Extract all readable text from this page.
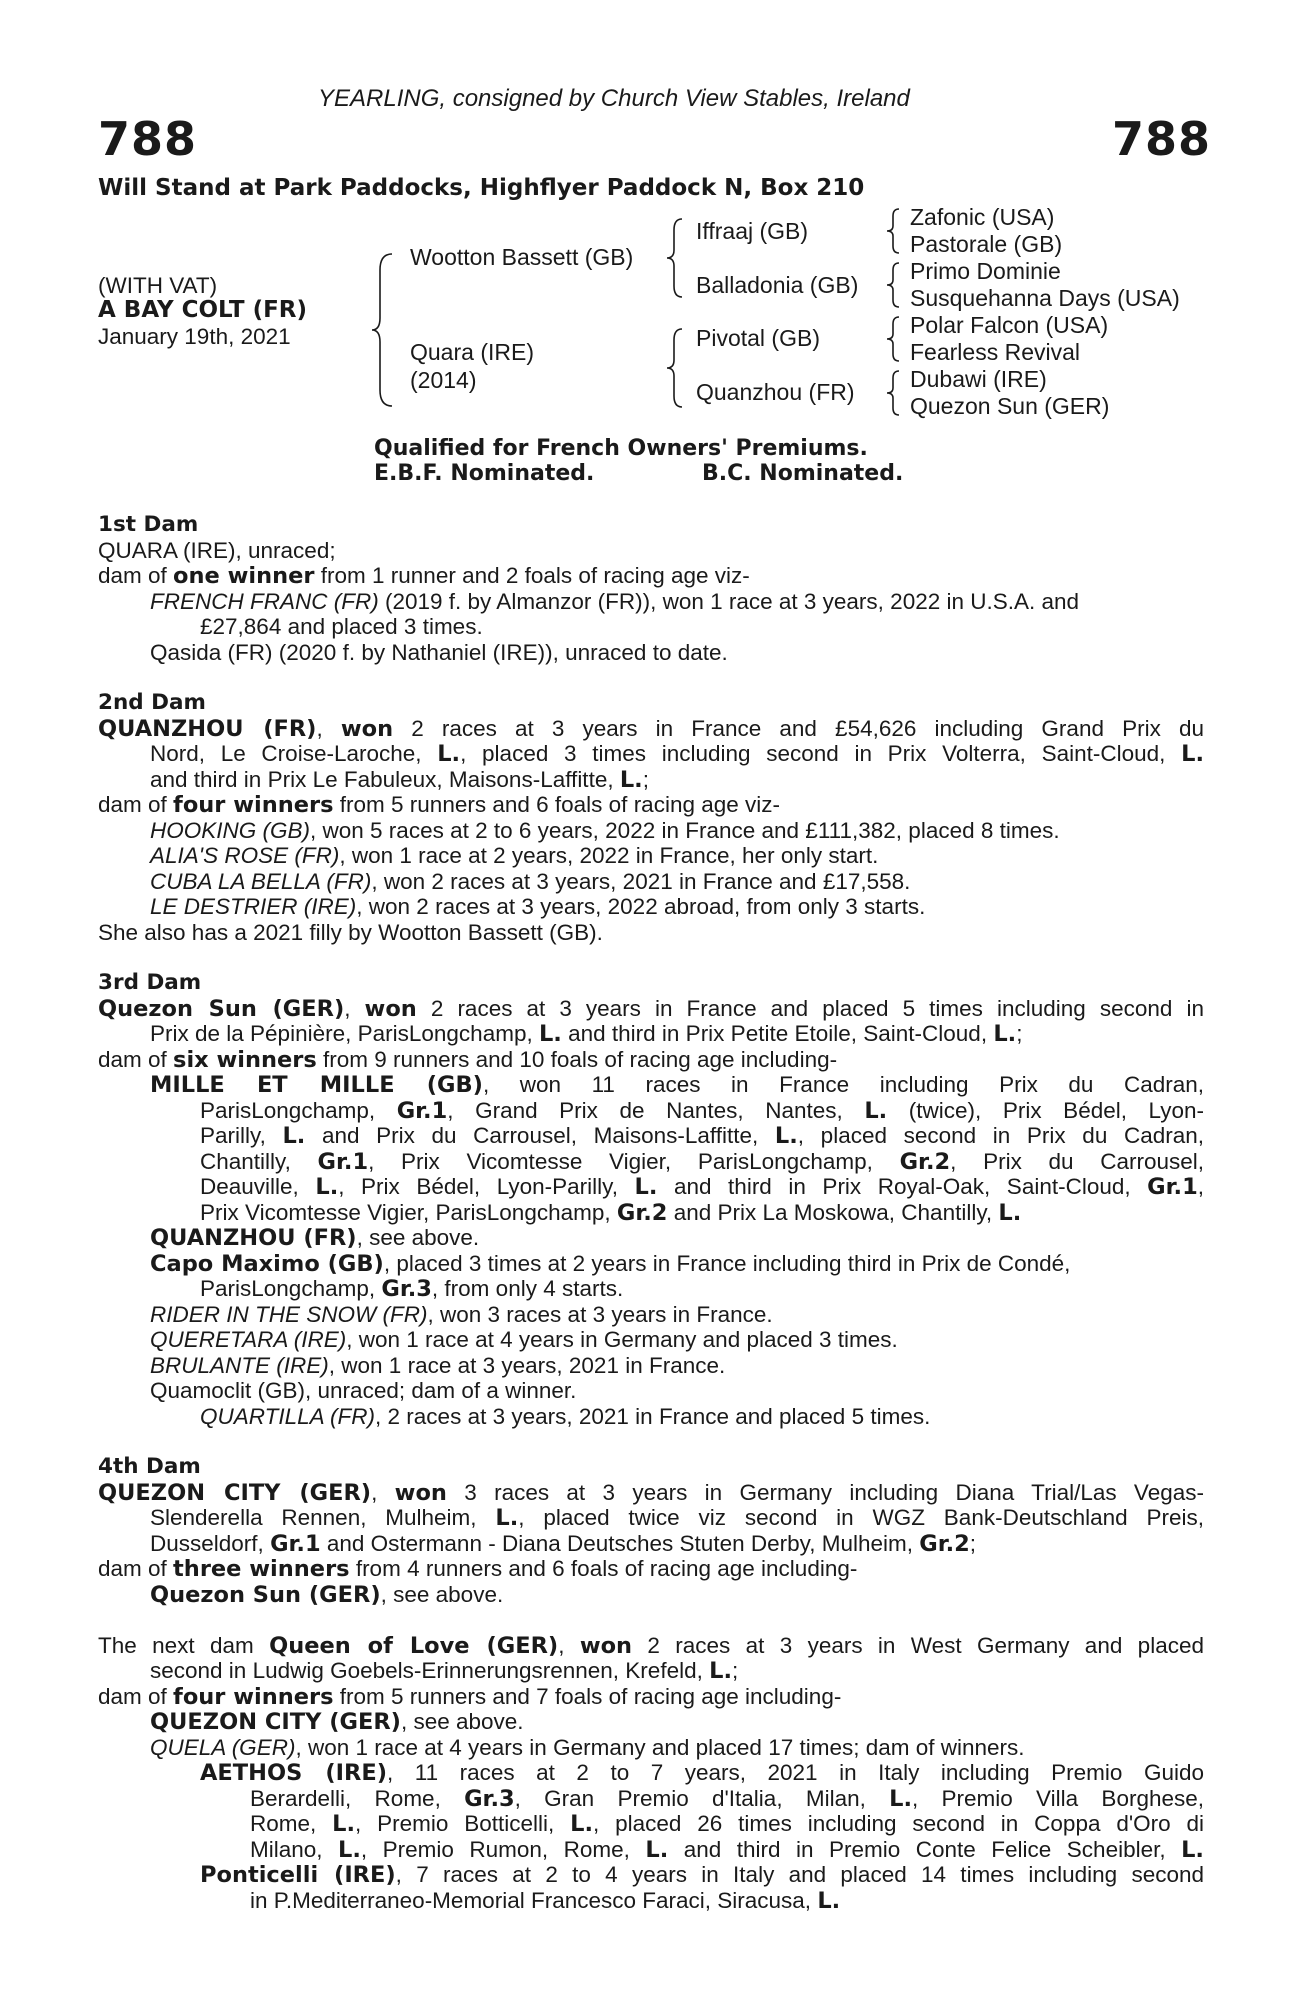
YEARLING, consigned by Church View Stables, Ireland
788	788
Will Stand at Park Paddocks, Highflyer Paddock N, Box 210
(WITH VAT)
A BAY COLT (FR)
January 19th, 2021
Wootton Bassett (GB)
Quara (IRE)
(2014)
Iffraaj (GB)
Balladonia (GB)
Pivotal (GB)
Quanzhou (FR)
Zafonic (USA)
Pastorale (GB)
Primo Dominie
Susquehanna Days (USA)
Polar Falcon (USA)
Fearless Revival
Dubawi (IRE)
Quezon Sun (GER)
Qualified for French Owners' Premiums.
E.B.F. Nominated.	B.C. Nominated.
1st Dam
QUARA (IRE), unraced;
dam of one winner from 1 runner and 2 foals of racing age viz-
FRENCH FRANC (FR) (2019 f. by Almanzor (FR)), won 1 race at 3 years, 2022 in U.S.A. and
£27,864 and placed 3 times.
Qasida (FR) (2020 f. by Nathaniel (IRE)), unraced to date.
2nd Dam
QUANZHOU (FR), won 2 races at 3 years in France and £54,626 including Grand Prix du
Nord, Le Croise-Laroche, L., placed 3 times including second in Prix Volterra, Saint-Cloud, L.
and third in Prix Le Fabuleux, Maisons-Laffitte, L.;
dam of four winners from 5 runners and 6 foals of racing age viz-
HOOKING (GB), won 5 races at 2 to 6 years, 2022 in France and £111,382, placed 8 times.
ALIA'S ROSE (FR), won 1 race at 2 years, 2022 in France, her only start.
CUBA LA BELLA (FR), won 2 races at 3 years, 2021 in France and £17,558.
LE DESTRIER (IRE), won 2 races at 3 years, 2022 abroad, from only 3 starts.
She also has a 2021 filly by Wootton Bassett (GB).
3rd Dam
Quezon Sun (GER), won 2 races at 3 years in France and placed 5 times including second in
Prix de la Pépinière, ParisLongchamp, L. and third in Prix Petite Etoile, Saint-Cloud, L.;
dam of six winners from 9 runners and 10 foals of racing age including-
MILLE ET MILLE (GB), won 11 races in France including Prix du Cadran,
ParisLongchamp, Gr.1, Grand Prix de Nantes, Nantes, L. (twice), Prix Bédel, Lyon-
Parilly, L. and Prix du Carrousel, Maisons-Laffitte, L., placed second in Prix du Cadran,
Chantilly, Gr.1, Prix Vicomtesse Vigier, ParisLongchamp, Gr.2, Prix du Carrousel,
Deauville, L., Prix Bédel, Lyon-Parilly, L. and third in Prix Royal-Oak, Saint-Cloud, Gr.1,
Prix Vicomtesse Vigier, ParisLongchamp, Gr.2 and Prix La Moskowa, Chantilly, L.
QUANZHOU (FR), see above.
Capo Maximo (GB), placed 3 times at 2 years in France including third in Prix de Condé,
ParisLongchamp, Gr.3, from only 4 starts.
RIDER IN THE SNOW (FR), won 3 races at 3 years in France.
QUERETARA (IRE), won 1 race at 4 years in Germany and placed 3 times.
BRULANTE (IRE), won 1 race at 3 years, 2021 in France.
Quamoclit (GB), unraced; dam of a winner.
QUARTILLA (FR), 2 races at 3 years, 2021 in France and placed 5 times.
4th Dam
QUEZON CITY (GER), won 3 races at 3 years in Germany including Diana Trial/Las Vegas-
Slenderella Rennen, Mulheim, L., placed twice viz second in WGZ Bank-Deutschland Preis,
Dusseldorf, Gr.1 and Ostermann - Diana Deutsches Stuten Derby, Mulheim, Gr.2;
dam of three winners from 4 runners and 6 foals of racing age including-
Quezon Sun (GER), see above.
The next dam Queen of Love (GER), won 2 races at 3 years in West Germany and placed
second in Ludwig Goebels-Erinnerungsrennen, Krefeld, L.;
dam of four winners from 5 runners and 7 foals of racing age including-
QUEZON CITY (GER), see above.
QUELA (GER), won 1 race at 4 years in Germany and placed 17 times; dam of winners.
AETHOS (IRE), 11 races at 2 to 7 years, 2021 in Italy including Premio Guido
Berardelli, Rome, Gr.3, Gran Premio d'Italia, Milan, L., Premio Villa Borghese,
Rome, L., Premio Botticelli, L., placed 26 times including second in Coppa d'Oro di
Milano, L., Premio Rumon, Rome, L. and third in Premio Conte Felice Scheibler, L.
Ponticelli (IRE), 7 races at 2 to 4 years in Italy and placed 14 times including second
in P.Mediterraneo-Memorial Francesco Faraci, Siracusa, L.
